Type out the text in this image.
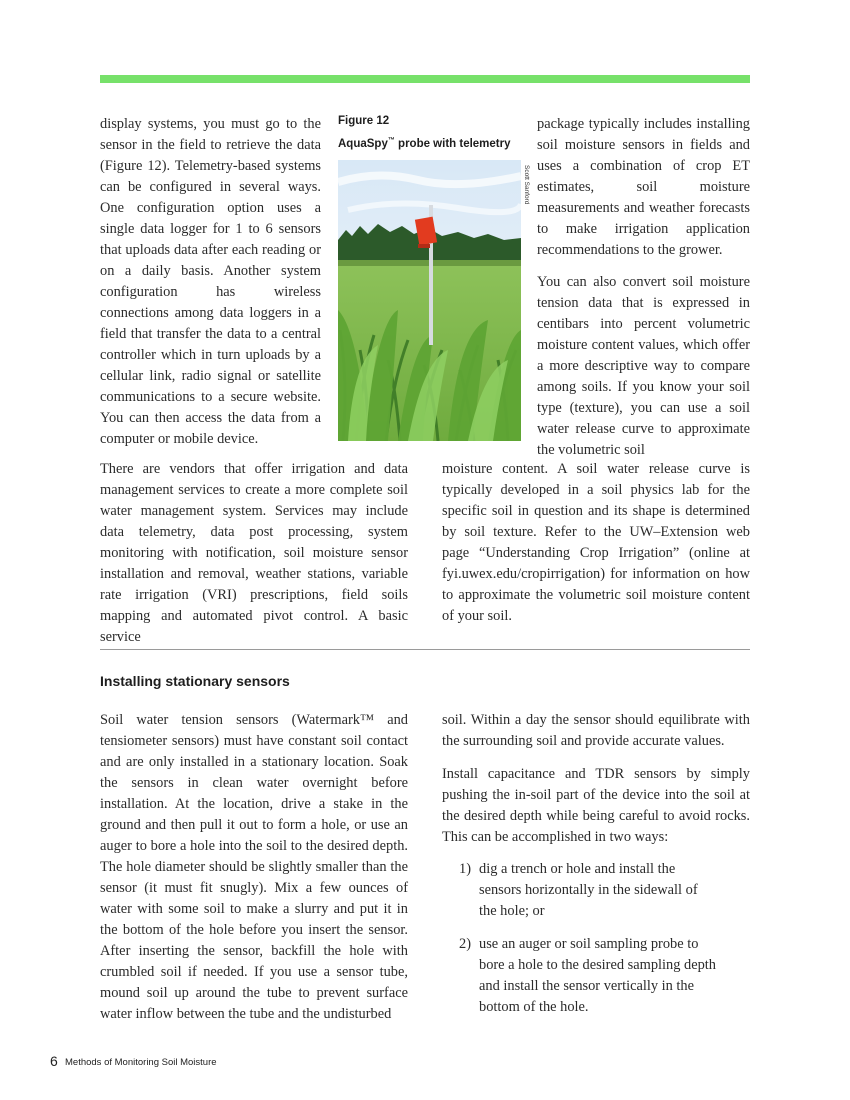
display systems, you must go to the sensor in the field to retrieve the data (Figure 12). Telemetry-based systems can be configured in several ways. One configuration option uses a single data logger for 1 to 6 sensors that uploads data after each reading or on a daily basis. Another system configuration has wireless connections among data loggers in a field that transfer the data to a central controller which in turn uploads by a cellular link, radio signal or satellite communications to a secure website. You can then access the data from a computer or mobile device.

Figure 12
AquaSpy™ probe with telemetry
Scott Sanford

package typically includes installing soil moisture sensors in fields and uses a combination of crop ET estimates, soil moisture measurements and weather forecasts to make irrigation application recommendations to the grower.

You can also convert soil moisture tension data that is expressed in centibars into percent volumetric moisture content values, which offer a more descriptive way to compare among soils. If you know your soil type (texture), you can use a soil water release curve to approximate the volumetric soil

There are vendors that offer irrigation and data management services to create a more complete soil water management system. Services may include data telemetry, data post processing, system monitoring with notification, soil moisture sensor installation and removal, weather stations, variable rate irrigation (VRI) prescriptions, field soils mapping and automated pivot control. A basic service

moisture content. A soil water release curve is typically developed in a soil physics lab for the specific soil in question and its shape is determined by soil texture. Refer to the UW–Extension web page “Understanding Crop Irrigation” (online at fyi.uwex.edu/cropirrigation) for information on how to approximate the volumetric soil moisture content of your soil.

Installing stationary sensors

Soil water tension sensors (Watermark™ and tensiometer sensors) must have constant soil contact and are only installed in a stationary location. Soak the sensors in clean water overnight before installation. At the location, drive a stake in the ground and then pull it out to form a hole, or use an auger to bore a hole into the soil to the desired depth. The hole diameter should be slightly smaller than the sensor (it must fit snugly). Mix a few ounces of water with some soil to make a slurry and put it in the bottom of the hole before you insert the sensor. After inserting the sensor, backfill the hole with crumbled soil if needed. If you use a sensor tube, mound soil up around the tube to prevent surface water inflow between the tube and the undisturbed

soil. Within a day the sensor should equilibrate with the surrounding soil and provide accurate values.

Install capacitance and TDR sensors by simply pushing the in-soil part of the device into the soil at the desired depth while being careful to avoid rocks. This can be accomplished in two ways:

1) dig a trench or hole and install the sensors horizontally in the sidewall of the hole; or
2) use an auger or soil sampling probe to bore a hole to the desired sampling depth and install the sensor vertically in the bottom of the hole.
6 Methods of Monitoring Soil Moisture
